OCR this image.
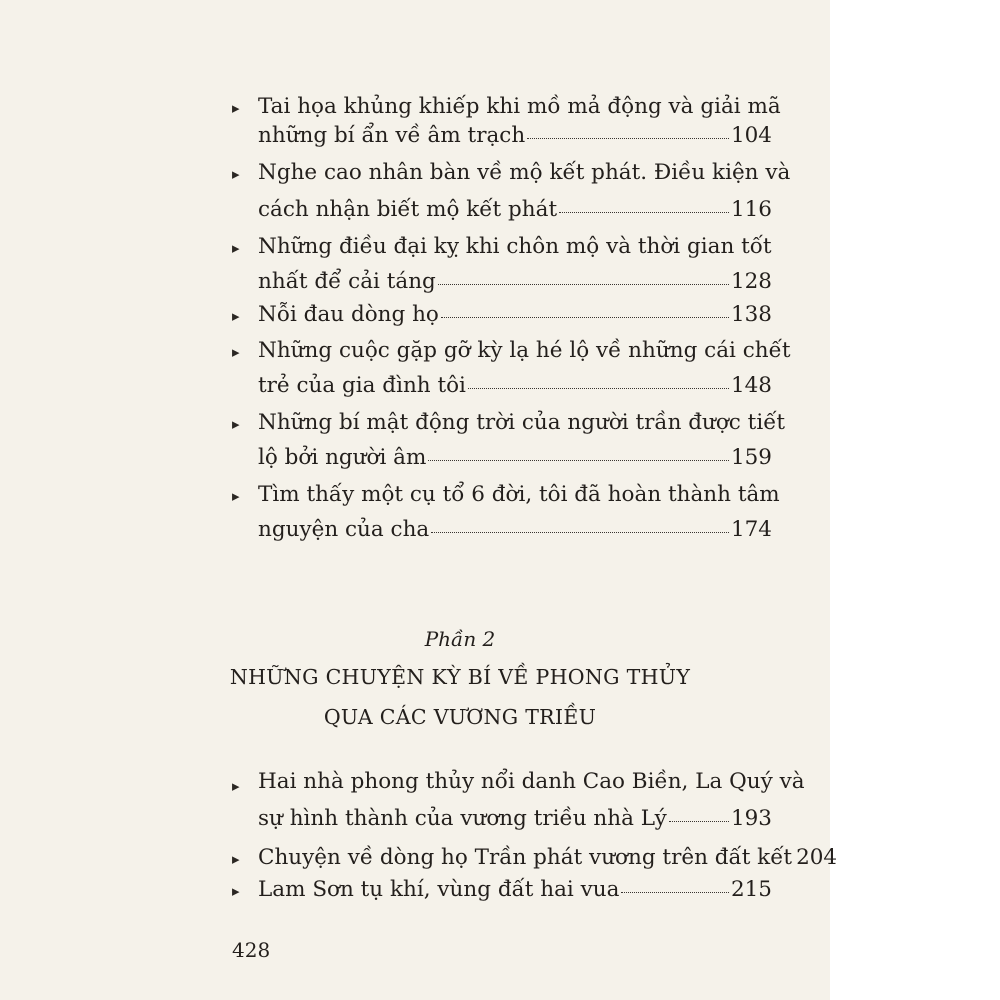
▸ Tai họa khủng khiếp khi mồ mả động và giải mã
những bí ẩn về âm trạch	104
▸ Nghe cao nhân bàn về mộ kết phát. Điều kiện và
cách nhận biết mộ kết phát	116
▸ Những điều đại kỵ khi chôn mộ và thời gian tốt
nhất để cải táng	128
▸ Nỗi đau dòng họ	138
▸ Những cuộc gặp gỡ kỳ lạ hé lộ về những cái chết
trẻ của gia đình tôi	148
▸ Những bí mật động trời của người trần được tiết
lộ bởi người âm	159
▸ Tìm thấy một cụ tổ 6 đời, tôi đã hoàn thành tâm
nguyện của cha	174
Phần 2
NHỮNG CHUYỆN KỲ BÍ VỀ PHONG THỦY
QUA CÁC VƯƠNG TRIỀU
▸ Hai nhà phong thủy nổi danh Cao Biền, La Quý và
sự hình thành của vương triều nhà Lý	193
▸ Chuyện về dòng họ Trần phát vương trên đất kết 204
▸ Lam Sơn tụ khí, vùng đất hai vua	215
428
